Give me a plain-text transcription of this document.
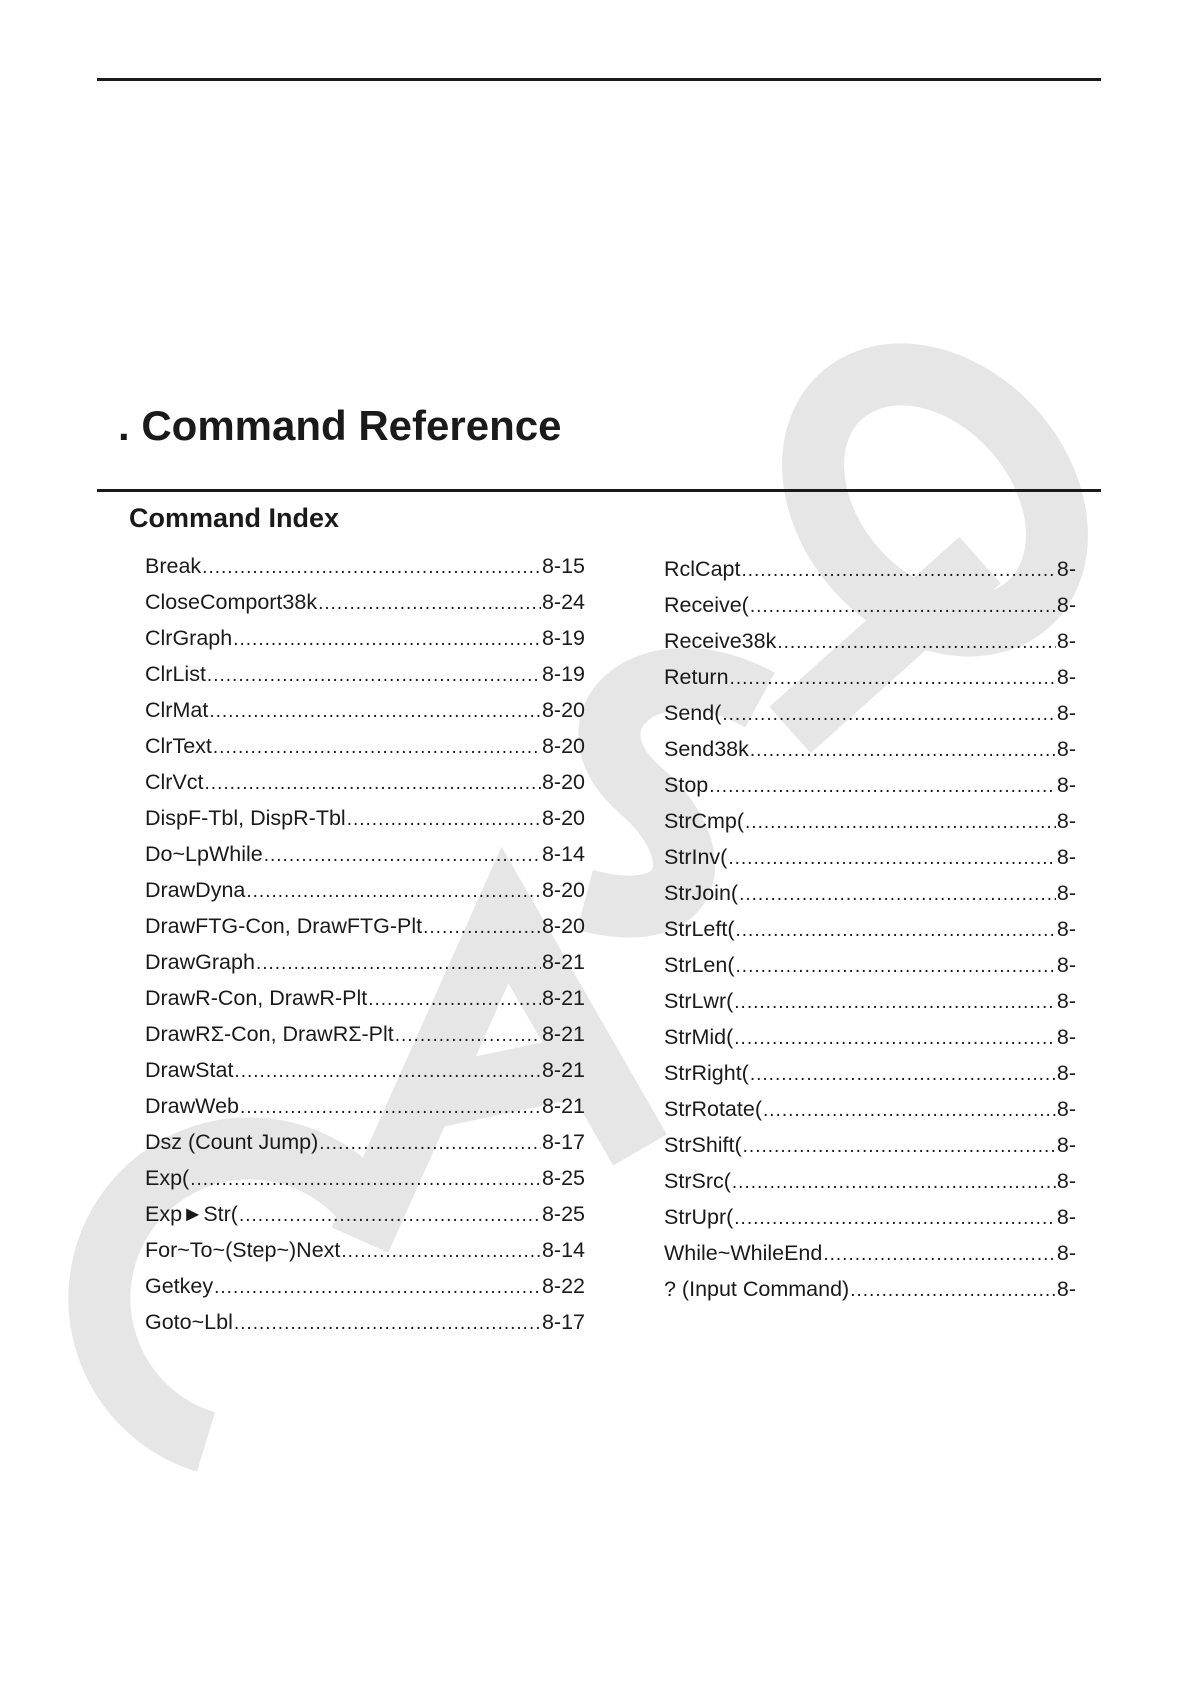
. Command Reference
Command Index
Break .....	8-15
CloseComport38k .....	8-24
ClrGraph .....	8-19
ClrList .....	8-19
ClrMat .....	8-20
ClrText .....	8-20
ClrVct .....	8-20
DispF-Tbl, DispR-Tbl .....	8-20
Do~LpWhile .....	8-14
DrawDyna .....	8-20
DrawFTG-Con, DrawFTG-Plt .....	8-20
DrawGraph .....	8-21
DrawR-Con, DrawR-Plt .....	8-21
DrawRΣ-Con, DrawRΣ-Plt .....	8-21
DrawStat .....	8-21
DrawWeb .....	8-21
Dsz (Count Jump) .....	8-17
Exp( .....	8-25
Exp►Str( .....	8-25
For~To~(Step~)Next .....	8-14
Getkey .....	8-22
Goto~Lbl .....	8-17
RclCapt .....	8-
Receive( .....	8-
Receive38k .....	8-
Return .....	8-
Send( .....	8-
Send38k .....	8-
Stop .....	8-
StrCmp( .....	8-
StrInv( .....	8-
StrJoin( .....	8-
StrLeft( .....	8-
StrLen( .....	8-
StrLwr( .....	8-
StrMid( .....	8-
StrRight( .....	8-
StrRotate( .....	8-
StrShift( .....	8-
StrSrc( .....	8-
StrUpr( .....	8-
While~WhileEnd .....	8-
? (Input Command) .....	8-
